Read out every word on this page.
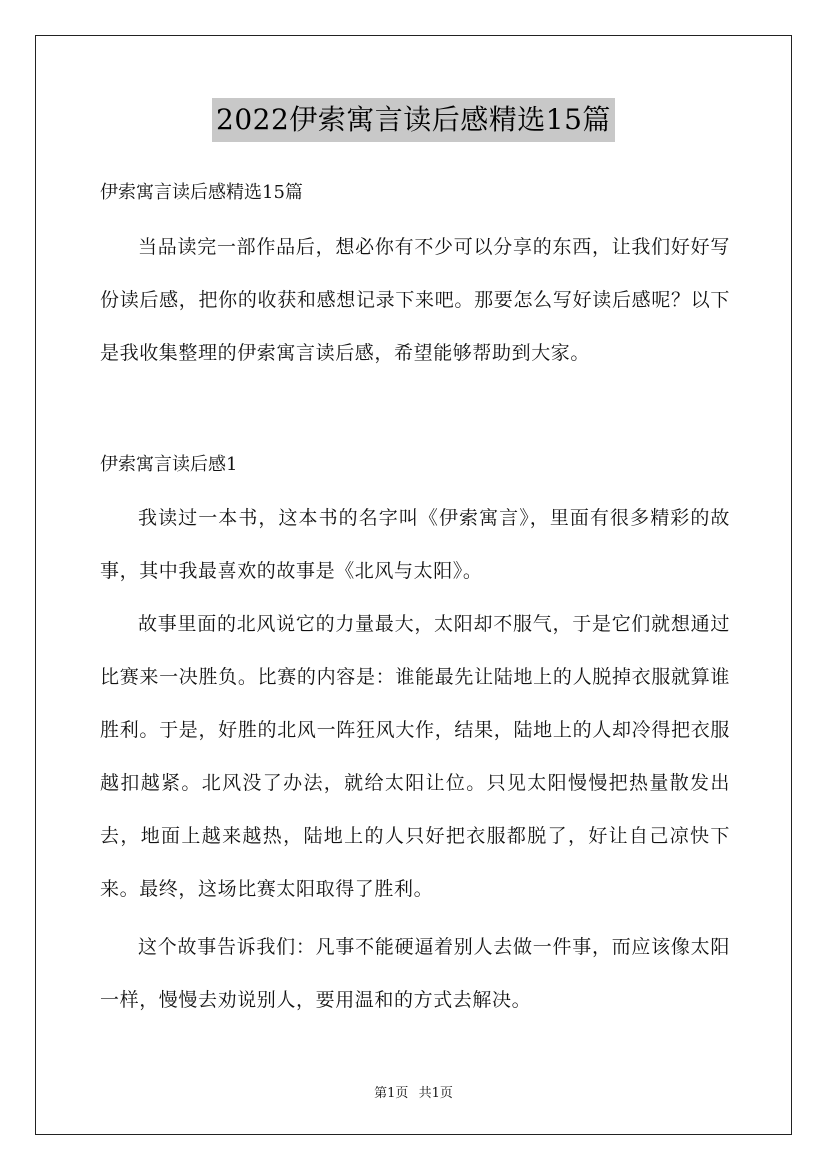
2022伊索寓言读后感精选15篇
伊索寓言读后感精选15篇

当品读完一部作品后，想必你有不少可以分享的东西，让我们好好写份读后感，把你的收获和感想记录下来吧。那要怎么写好读后感呢？以下是我收集整理的伊索寓言读后感，希望能够帮助到大家。

伊索寓言读后感1

我读过一本书，这本书的名字叫《伊索寓言》，里面有很多精彩的故事，其中我最喜欢的故事是《北风与太阳》。

故事里面的北风说它的力量最大，太阳却不服气，于是它们就想通过比赛来一决胜负。比赛的内容是：谁能最先让陆地上的人脱掉衣服就算谁胜利。于是，好胜的北风一阵狂风大作，结果，陆地上的人却冷得把衣服越扣越紧。北风没了办法，就给太阳让位。只见太阳慢慢把热量散发出去，地面上越来越热，陆地上的人只好把衣服都脱了，好让自己凉快下来。最终，这场比赛太阳取得了胜利。

这个故事告诉我们：凡事不能硬逼着别人去做一件事，而应该像太阳一样，慢慢去劝说别人，要用温和的方式去解决。

第1页 共1页
